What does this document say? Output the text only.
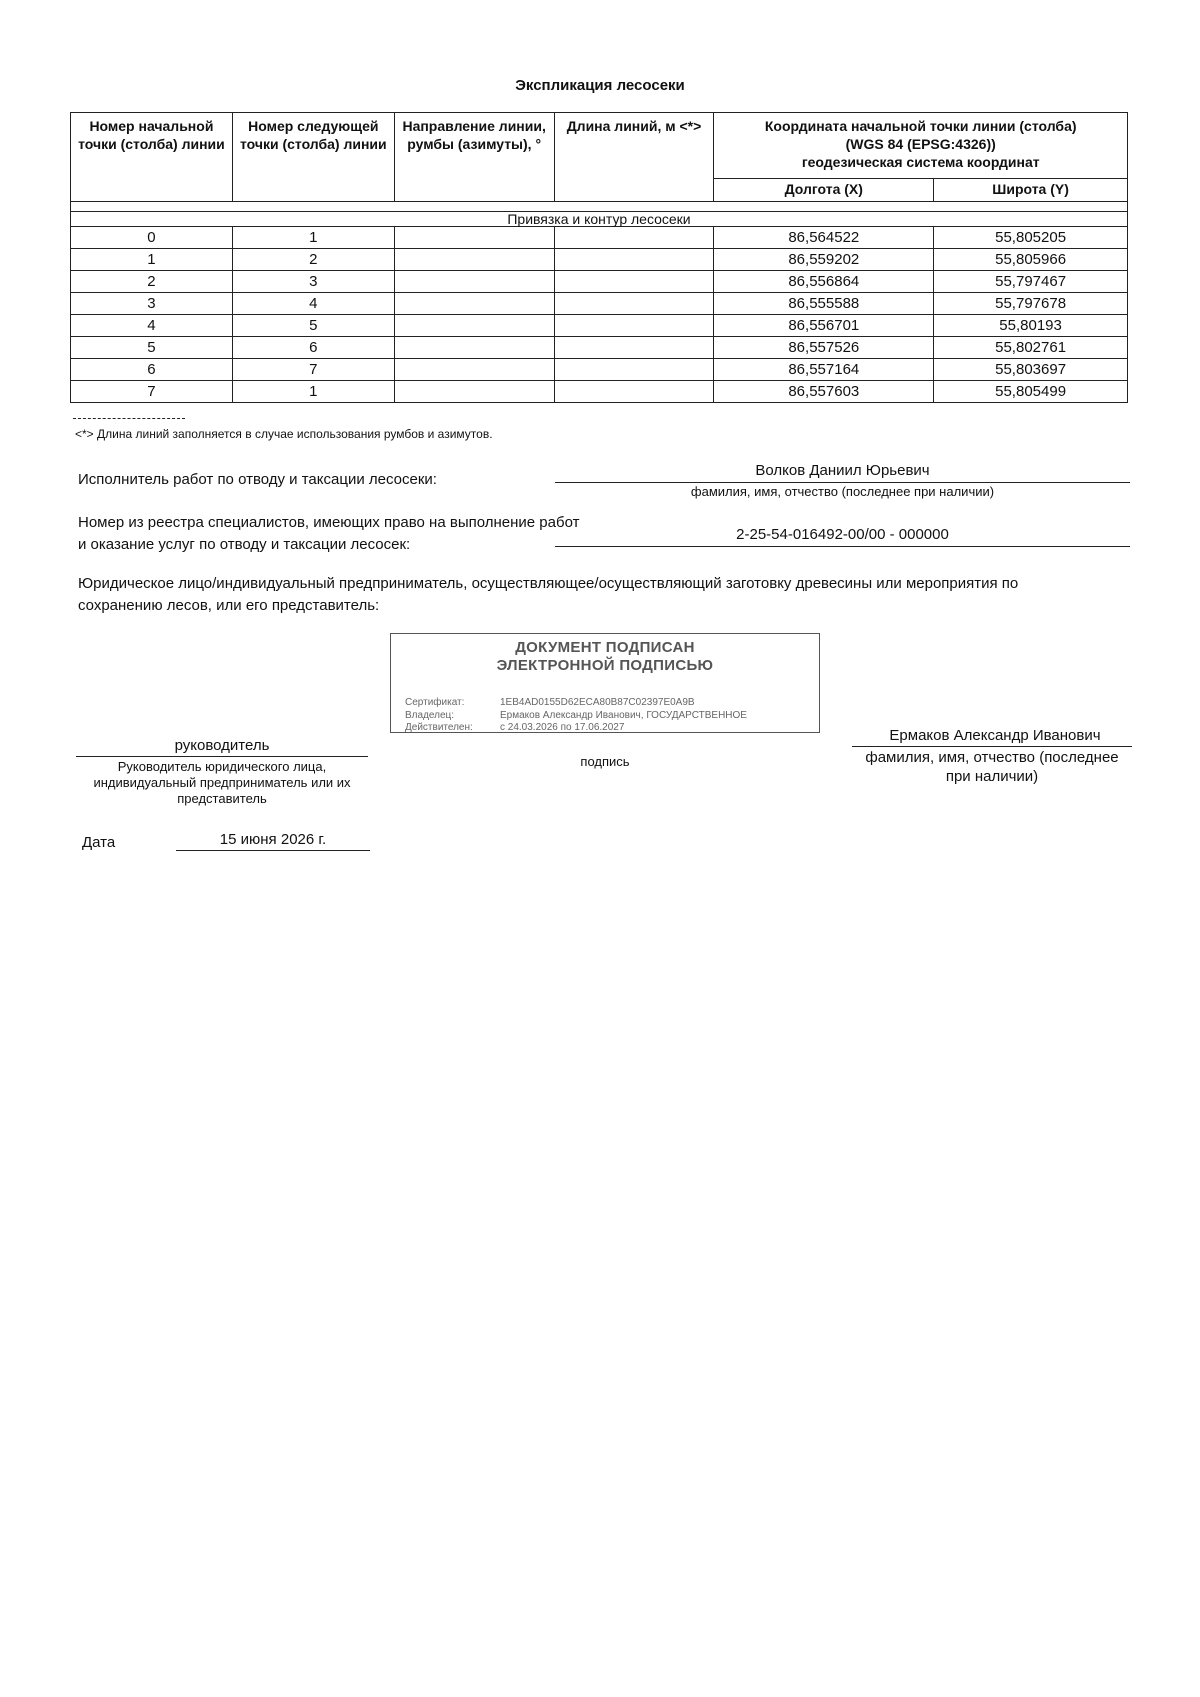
Экспликация лесосеки
Номер начальной точки (столба) линии	Номер следующей точки (столба) линии	Направление линии, румбы (азимуты), °	Длина линий, м <*>	Координата начальной точки линии (столба)
(WGS 84 (EPSG:4326))
геодезическая система координат	

				Долгота (X)	Широта (Y)

Привязка и контур лесосеки					
0	1			86,564522	55,805205
1	2			86,559202	55,805966
2	3			86,556864	55,797467
3	4			86,555588	55,797678
4	5			86,556701	55,80193
5	6			86,557526	55,802761
6	7			86,557164	55,803697
7	1			86,557603	55,805499
<*> Длина линий заполняется в случае использования румбов и азимутов.
Исполнитель работ по отводу и таксации лесосеки:
Волков Даниил Юрьевич
фамилия, имя, отчество (последнее при наличии)
Номер из реестра специалистов, имеющих право на выполнение работ
и оказание услуг по отводу и таксации лесосек:
2-25-54-016492-00/00 - 000000
Юридическое лицо/индивидуальный предприниматель, осуществляющее/осуществляющий заготовку древесины или мероприятия по
сохранению лесов, или его представитель:
ДОКУМЕНТ ПОДПИСАН
ЭЛЕКТРОННОЙ ПОДПИСЬЮ
Сертификат:	1EB4AD0155D62ECA80B87C02397E0A9B
Владелец:	Ермаков Александр Иванович, ГОСУДАРСТВЕННОЕ
Действителен:	с 24.03.2026 по 17.06.2027
руководитель
Руководитель юридического лица,
индивидуальный предприниматель или их
представитель
подпись
Ермаков Александр Иванович
фамилия, имя, отчество (последнее
при наличии)
Дата	15 июня 2026 г.
